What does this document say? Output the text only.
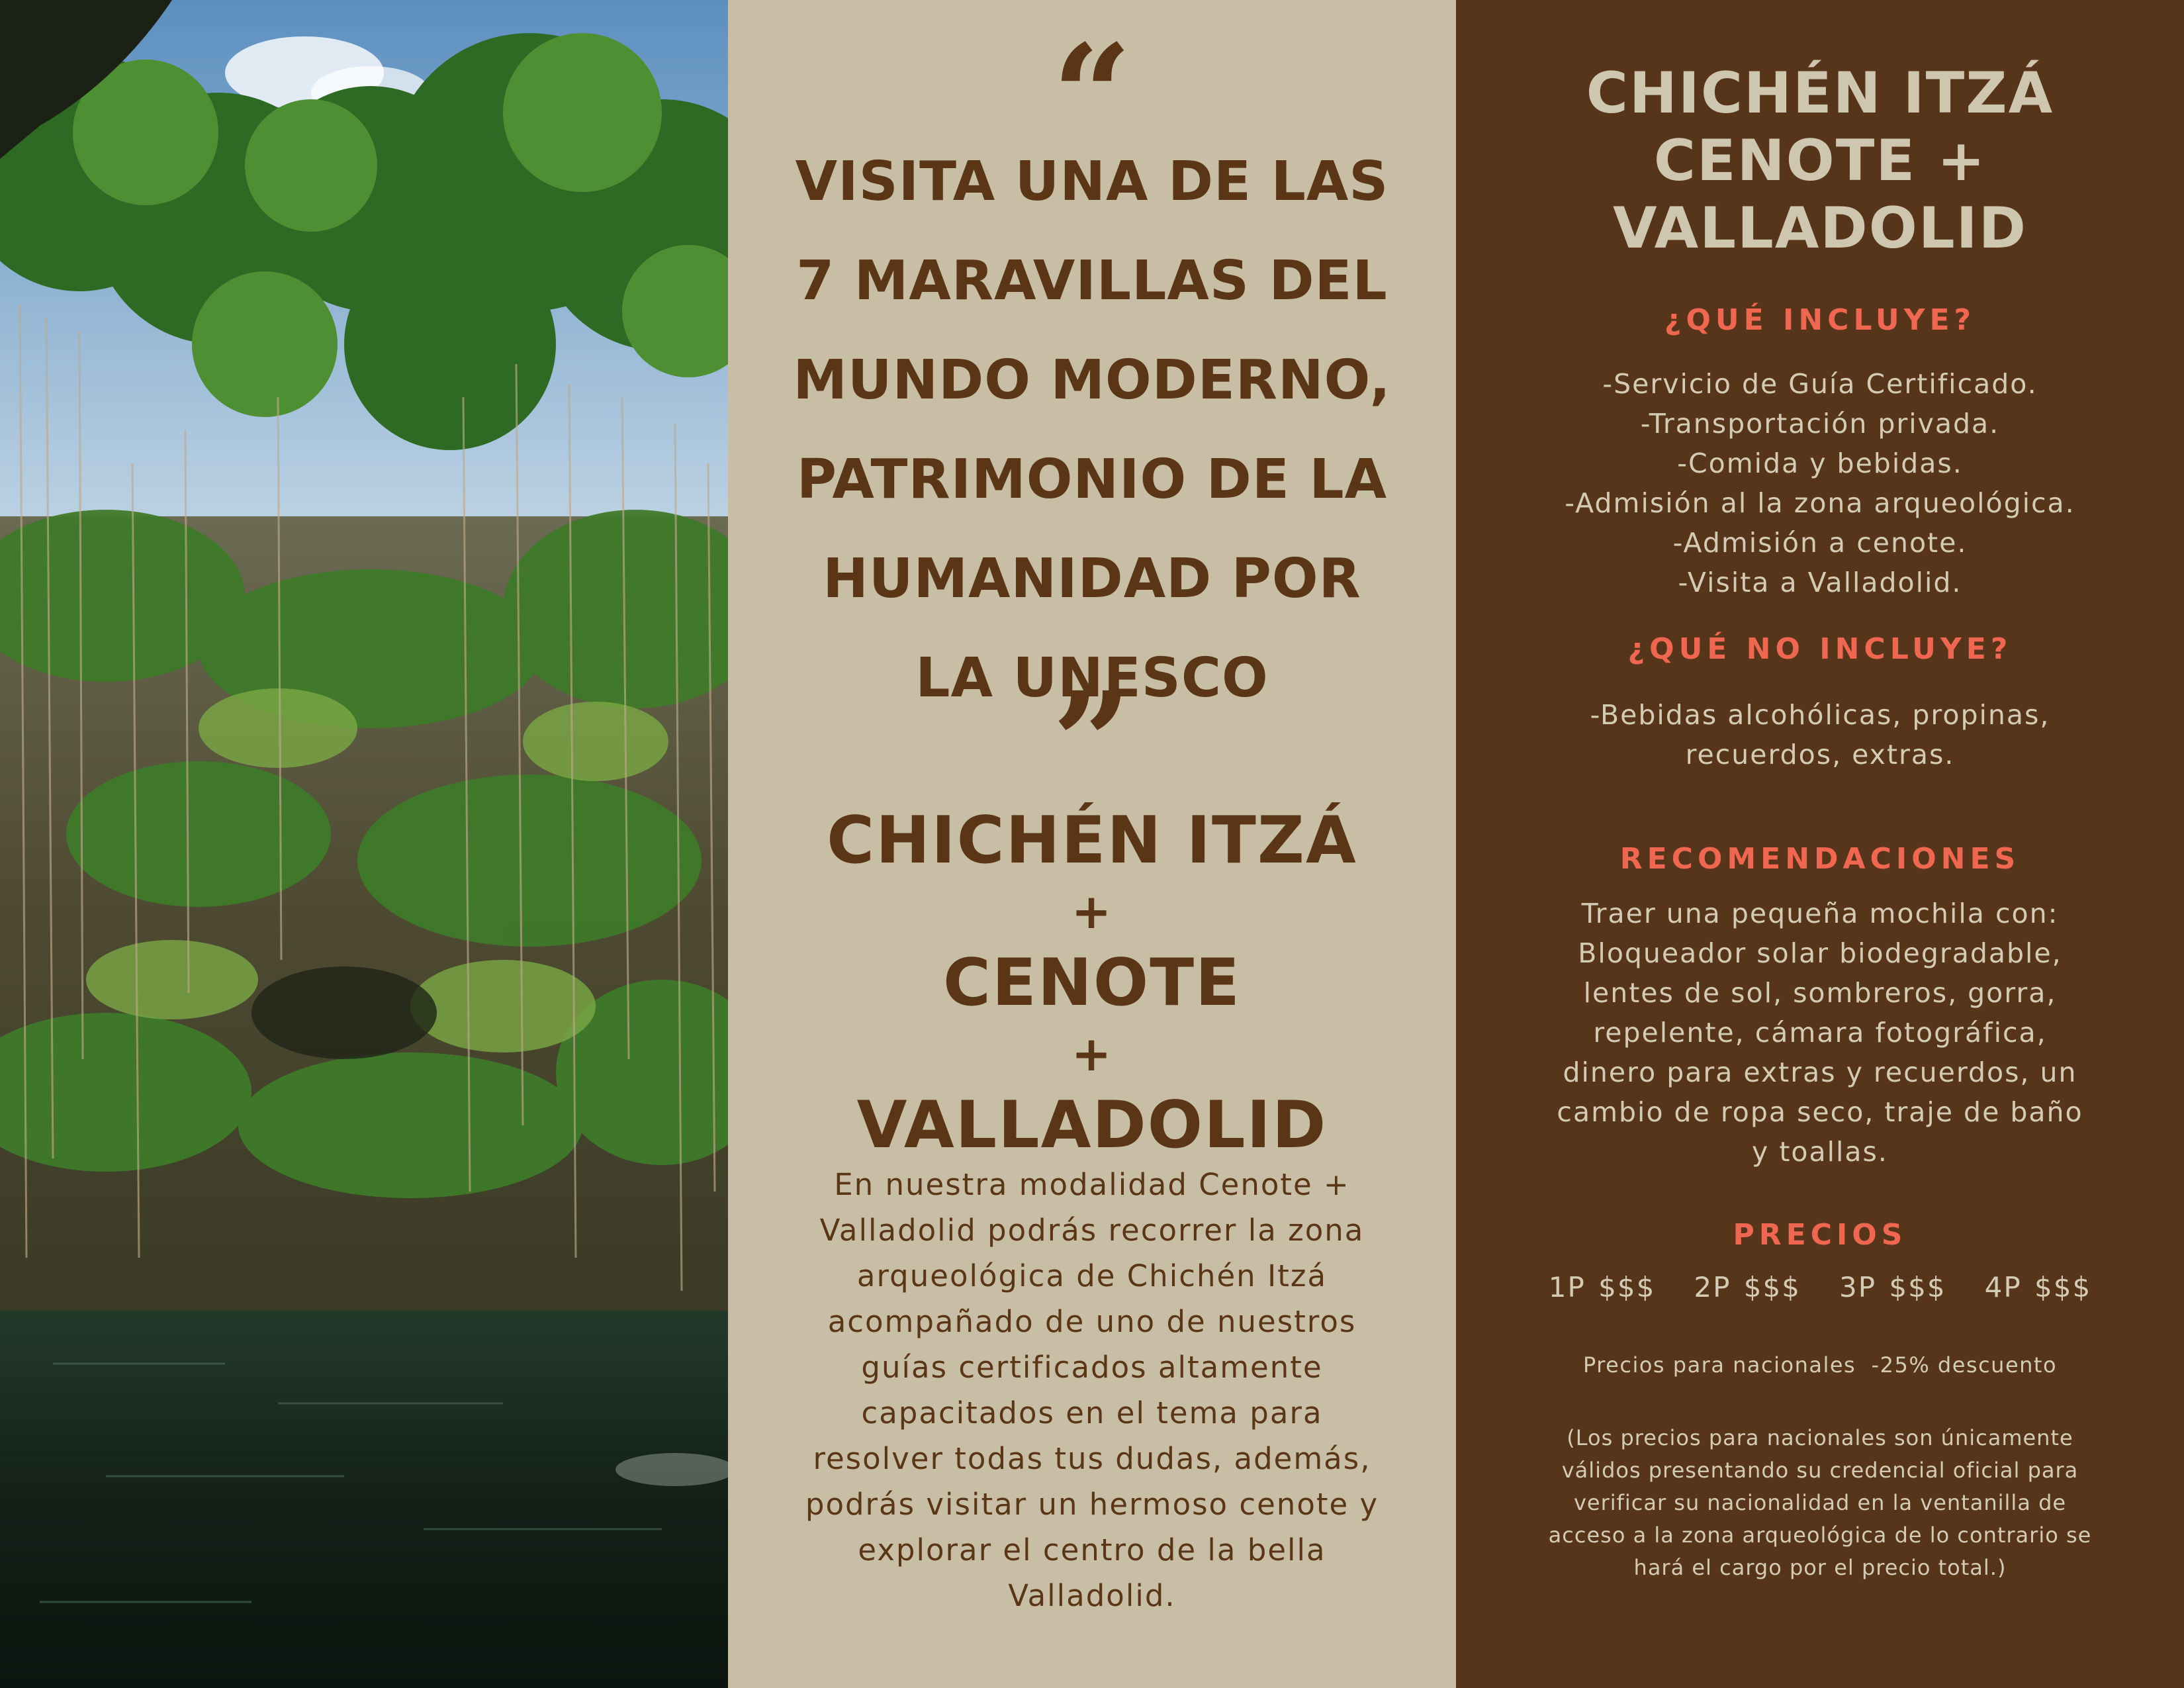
“
VISITA UNA DE LAS
7 MARAVILLAS DEL
MUNDO MODERNO,
PATRIMONIO DE LA
HUMANIDAD POR
LA UNESCO
”
CHICHÉN ITZÁ
+
CENOTE
+
VALLADOLID
En nuestra modalidad Cenote +
Valladolid podrás recorrer la zona
arqueológica de Chichén Itzá
acompañado de uno de nuestros
guías certificados altamente
capacitados en el tema para
resolver todas tus dudas, además,
podrás visitar un hermoso cenote y
explorar el centro de la bella
Valladolid.
CHICHÉN ITZÁ
CENOTE +
VALLADOLID
¿QUÉ INCLUYE?
-Servicio de Guía Certificado.
-Transportación privada.
-Comida y bebidas.
-Admisión al la zona arqueológica.
-Admisión a cenote.
-Visita a Valladolid.
¿QUÉ NO INCLUYE?
-Bebidas alcohólicas, propinas,
recuerdos, extras.
RECOMENDACIONES
Traer una pequeña mochila con:
Bloqueador solar biodegradable,
lentes de sol, sombreros, gorra,
repelente, cámara fotográfica,
dinero para extras y recuerdos, un
cambio de ropa seco, traje de baño
y toallas.
PRECIOS
1P $$$   2P $$$   3P $$$   4P $$$
Precios para nacionales  -25% descuento
(Los precios para nacionales son únicamente
válidos presentando su credencial oficial para
verificar su nacionalidad en la ventanilla de
acceso a la zona arqueológica de lo contrario se
hará el cargo por el precio total.)
